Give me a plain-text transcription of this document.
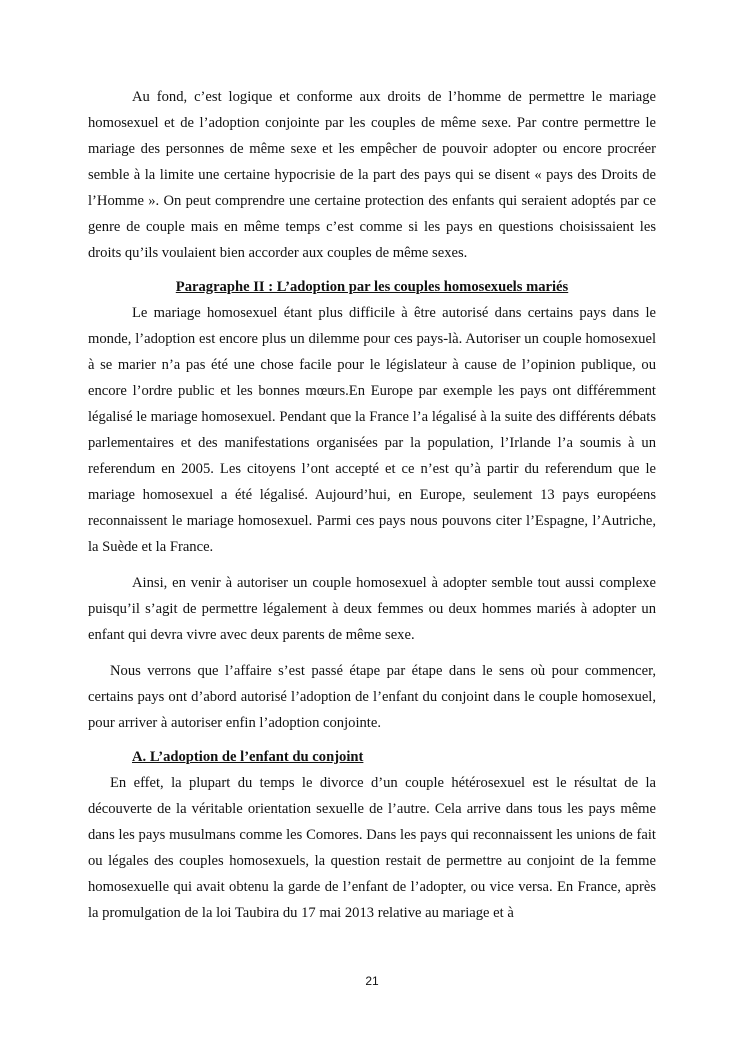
Au fond, c’est logique et conforme aux droits de l’homme de permettre le mariage homosexuel et de l’adoption conjointe par les couples de même sexe. Par contre permettre le mariage des personnes de même sexe et les empêcher de pouvoir adopter ou encore procréer semble à la limite une certaine hypocrisie de la part des pays qui se disent « pays des Droits de l’Homme ». On peut comprendre une certaine protection des enfants qui seraient adoptés par ce genre de couple mais en même temps c’est comme si les pays en questions choisissaient les droits qu’ils voulaient bien accorder aux couples de même sexes.

Paragraphe II : L’adoption par les couples homosexuels mariés

Le mariage homosexuel étant plus difficile à être autorisé dans certains pays dans le monde, l’adoption est encore plus un dilemme pour ces pays-là. Autoriser un couple homosexuel à se marier n’a pas été une chose facile pour le législateur à cause de l’opinion publique, ou encore l’ordre public et les bonnes mœurs.En Europe par exemple les pays ont différemment légalisé le mariage homosexuel. Pendant que la France l’a légalisé à la suite des différents débats parlementaires et des manifestations organisées par la population, l’Irlande l’a soumis à un referendum en 2005. Les citoyens l’ont accepté et ce n’est qu’à partir du referendum que le mariage homosexuel a été légalisé. Aujourd’hui, en Europe, seulement 13 pays européens reconnaissent le mariage homosexuel. Parmi ces pays nous pouvons citer l’Espagne, l’Autriche, la Suède et la France.

Ainsi, en venir à autoriser un couple homosexuel à adopter semble tout aussi complexe puisqu’il s’agit de permettre légalement à deux femmes ou deux hommes mariés à adopter un enfant qui devra vivre avec deux parents de même sexe.

Nous verrons que l’affaire s’est passé étape par étape dans le sens où pour commencer, certains pays ont d’abord autorisé l’adoption de l’enfant du conjoint dans le couple homosexuel, pour arriver à autoriser enfin l’adoption conjointe.

A. L’adoption de l’enfant du conjoint

En effet, la plupart du temps le divorce d’un couple hétérosexuel est le résultat de la découverte de la véritable orientation sexuelle de l’autre. Cela arrive dans tous les pays même dans les pays musulmans comme les Comores. Dans les pays qui reconnaissent les unions de fait ou légales des couples homosexuels, la question restait de permettre au conjoint de la femme homosexuelle qui avait obtenu la garde de l’enfant de l’adopter, ou vice versa. En France, après la promulgation de la loi Taubira du 17 mai 2013 relative au mariage et à

21
